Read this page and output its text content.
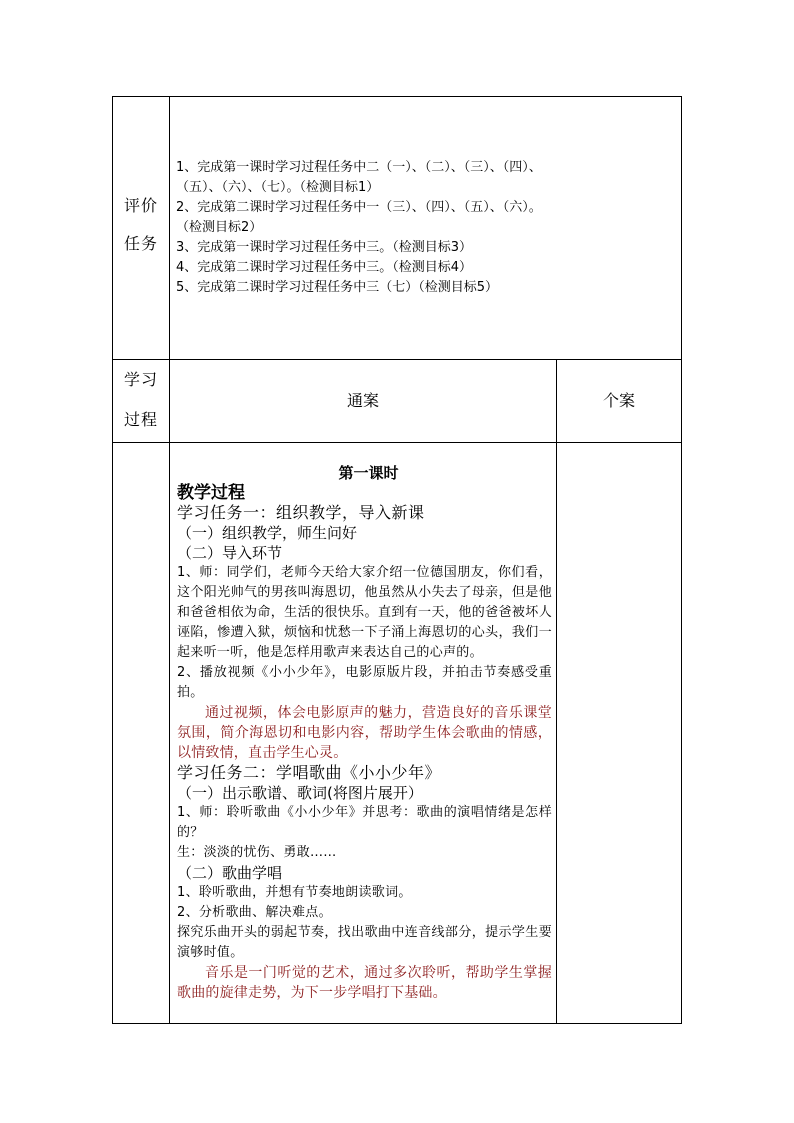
评价
任务
1、完成第一课时学习过程任务中二（一）、（二）、（三）、（四）、
（五）、（六）、（七）。（检测目标1）
2、完成第二课时学习过程任务中一（三）、（四）、（五）、（六）。
（检测目标2）
3、完成第一课时学习过程任务中三。（检测目标3）
4、完成第二课时学习过程任务中三。（检测目标4）
5、完成第二课时学习过程任务中三（七）（检测目标5）
学习
过程
通案	个案
第一课时
教学过程
学习任务一：组织教学，导入新课
（一）组织教学，师生问好
（二）导入环节
1、师：同学们，老师今天给大家介绍一位德国朋友，你们看，这个阳光帅气的男孩叫海恩切，他虽然从小失去了母亲，但是他和爸爸相依为命，生活的很快乐。直到有一天，他的爸爸被坏人诬陷，惨遭入狱，烦恼和忧愁一下子涌上海恩切的心头，我们一起来听一听，他是怎样用歌声来表达自己的心声的。
2、播放视频《小小少年》，电影原版片段，并拍击节奏感受重拍。
通过视频，体会电影原声的魅力，营造良好的音乐课堂氛围，简介海恩切和电影内容，帮助学生体会歌曲的情感，以情致情，直击学生心灵。
学习任务二：学唱歌曲《小小少年》
（一）出示歌谱、歌词(将图片展开）
1、师：聆听歌曲《小小少年》并思考：歌曲的演唱情绪是怎样的？
生：淡淡的忧伤、勇敢……
（二）歌曲学唱
1、聆听歌曲，并想有节奏地朗读歌词。
2、分析歌曲、解决难点。
探究乐曲开头的弱起节奏，找出歌曲中连音线部分，提示学生要演够时值。
音乐是一门听觉的艺术，通过多次聆听，帮助学生掌握歌曲的旋律走势，为下一步学唱打下基础。
